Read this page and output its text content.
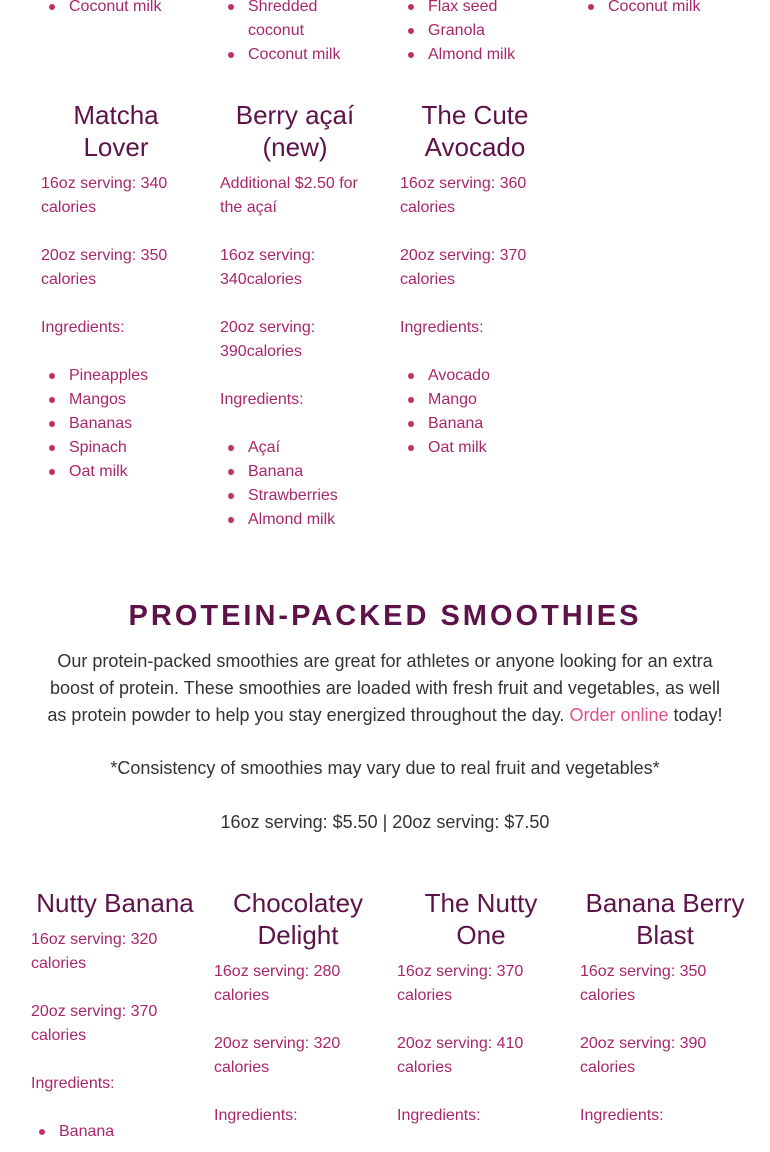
Coconut milk	Shredded
coconut
Coconut milk
Flax seed
Granola
Almond milk
Coconut milk
Matcha
Lover

16oz serving: 340
calories

20oz serving: 350
calories

Ingredients:

Pineapples
Mangos
Bananas
Spinach
Oat milk
Berry açaí
(new)

Additional $2.50 for
the açaí

16oz serving:
340calories

20oz serving:
390calories

Ingredients:

Açaí
Banana
Strawberries
Almond milk
The Cute
Avocado

16oz serving: 360
calories

20oz serving: 370
calories

Ingredients:

Avocado
Mango
Banana
Oat milk
PROTEIN-PACKED SMOOTHIES

Our protein-packed smoothies are great for athletes or anyone looking for an extra boost of protein. These smoothies are loaded with fresh fruit and vegetables, as well as protein powder to help you stay energized throughout the day. Order online today!

*Consistency of smoothies may vary due to real fruit and vegetables*

16oz serving: $5.50 | 20oz serving: $7.50

Nutty Banana

16oz serving: 320
calories

20oz serving: 370
calories

Ingredients:

Banana
Chocolatey
Delight

16oz serving: 280
calories

20oz serving: 320
calories

Ingredients:

The Nutty
One

16oz serving: 370
calories

20oz serving: 410
calories

Ingredients:

Banana Berry
Blast

16oz serving: 350
calories

20oz serving: 390
calories

Ingredients:
